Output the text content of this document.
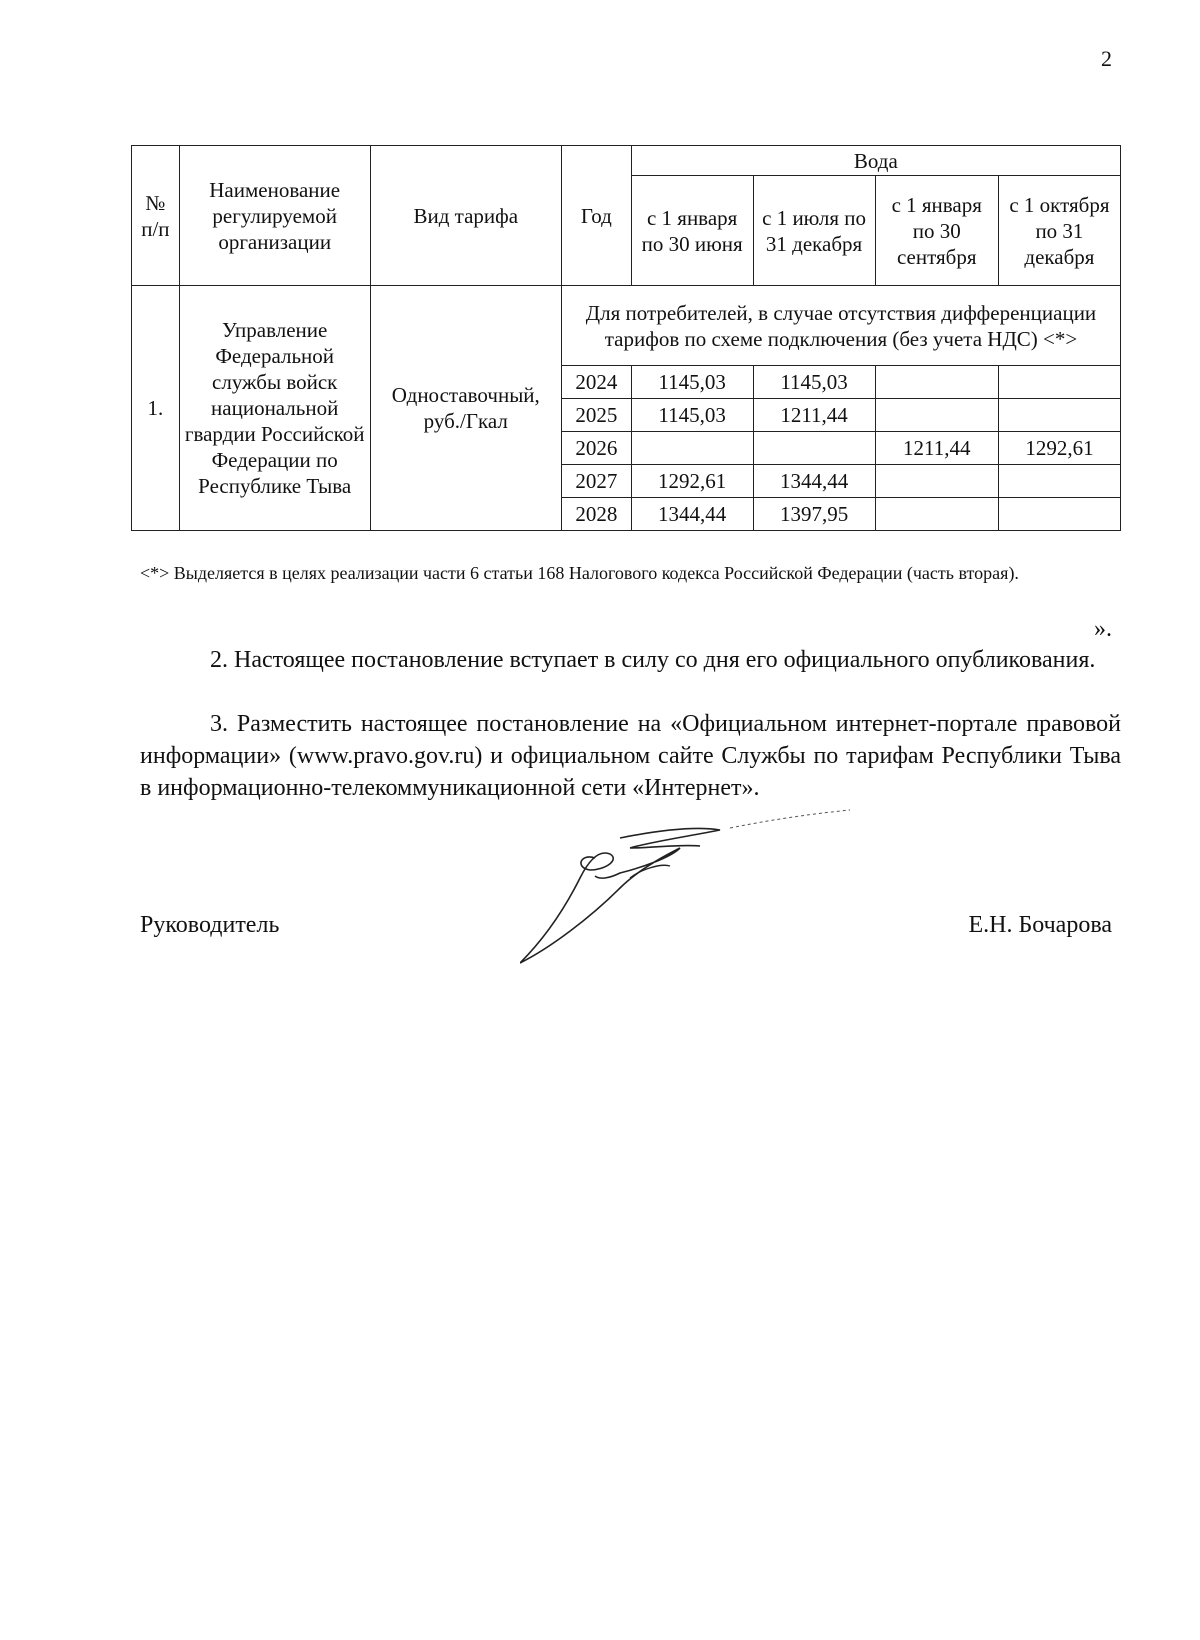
2
№ п/п	Наименование регулируемой организации	Вид тарифа	Год	Вода			
				с 1 января по 30 июня	с 1 июля по 31 декабря	с 1 января по 30 сентября	с 1 октября по 31 декабря
1.	Управление Федеральной службы войск национальной гвардии Российской Федерации по Республике Тыва	Одноставочный, руб./Гкал	Для потребителей, в случае отсутствия дифференциации тарифов по схеме подключения (без учета НДС) <*>				
			2024	1145,03	1145,03		
			2025	1145,03	1211,44		
			2026			1211,44	1292,61
			2027	1292,61	1344,44		
			2028	1344,44	1397,95		
<*> Выделяется в целях реализации части 6 статьи 168 Налогового кодекса Российской Федерации (часть вторая).
».
2. Настоящее постановление вступает в силу со дня его официального опубликования.
3. Разместить настоящее постановление на «Официальном интернет-портале правовой информации» (www.pravo.gov.ru) и официальном сайте Службы по тарифам Республики Тыва в информационно-телекоммуникационной сети «Интернет».
Руководитель	Е.Н. Бочарова
